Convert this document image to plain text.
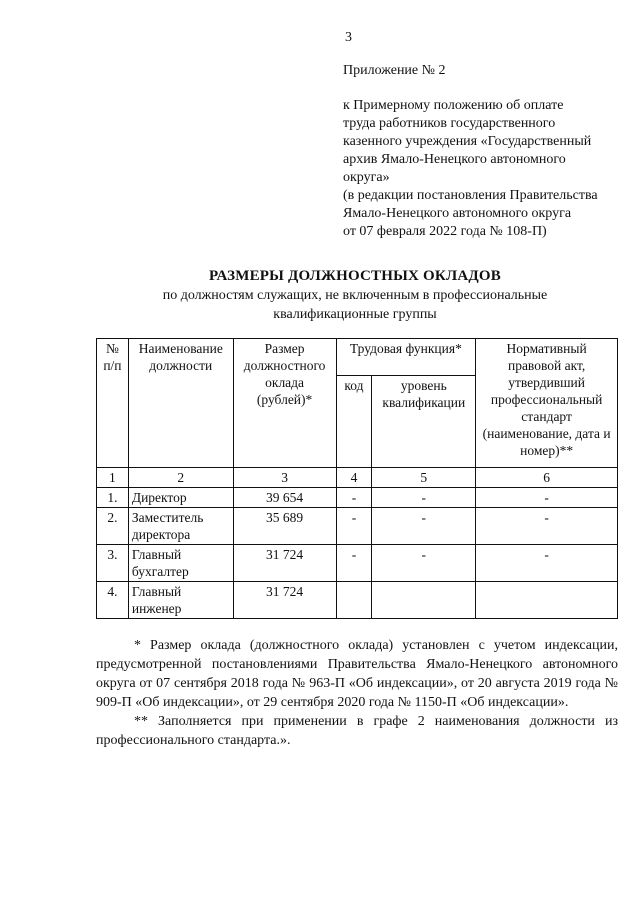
3
Приложение № 2
к Примерному положению об оплате
труда работников государственного
казенного учреждения «Государственный
архив Ямало-Ненецкого автономного
округа»
(в редакции постановления Правительства
Ямало-Ненецкого автономного округа
от 07 февраля 2022 года № 108-П)
РАЗМЕРЫ ДОЛЖНОСТНЫХ ОКЛАДОВ
по должностям служащих, не включенным в профессиональные
квалификационные группы
№ п/п	Наименование должности	Размер должностного оклада (рублей)*	Трудовая функция*		Нормативный правовой акт, утвердивший профессиональный стандарт (наименование, дата и номер)**
			код	уровень квалификации	
1	2	3	4	5	6
1.	Директор	39 654	-	-	-
2.	Заместитель директора	35 689	-	-	-
3.	Главный бухгалтер	31 724	-	-	-
4.	Главный инженер	31 724			

* Размер оклада (должностного оклада) установлен с учетом индексации, предусмотренной постановлениями Правительства Ямало-Ненецкого автономного округа от 07 сентября 2018 года № 963-П «Об индексации», от 20 августа 2019 года № 909-П «Об индексации», от 29 сентября 2020 года № 1150-П «Об индексации».

** Заполняется при применении в графе 2 наименования должности из профессионального стандарта.».
